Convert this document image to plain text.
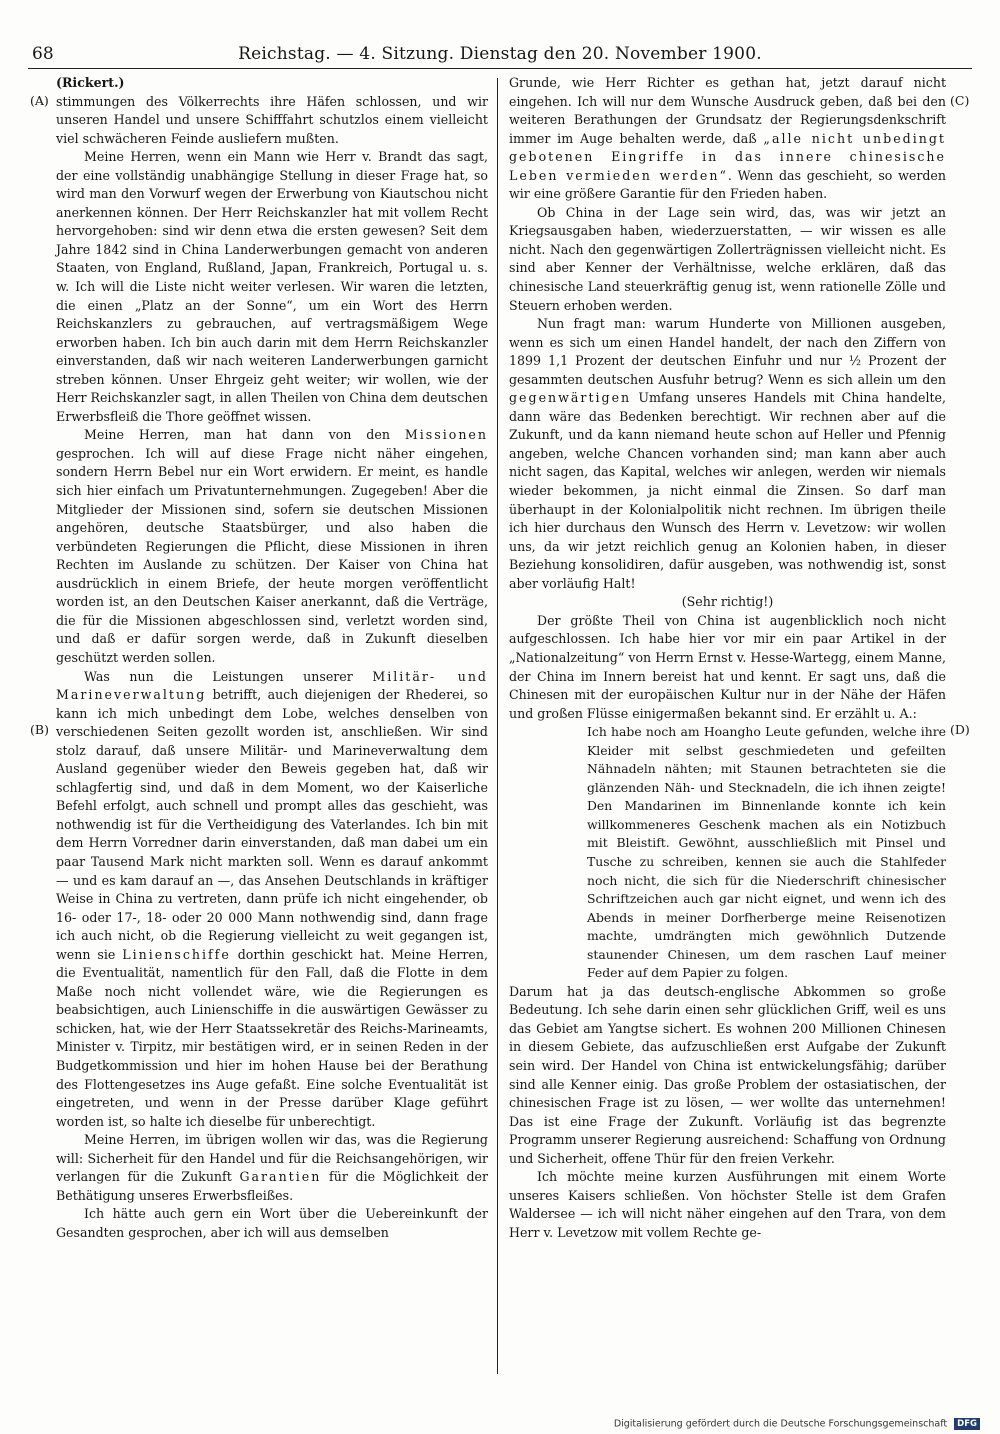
68	Reichstag. — 4. Sitzung. Dienstag den 20. November 1900.
(A)
(B)
(C)
(D)

(Rickert.)

stimmungen des Völkerrechts ihre Häfen schlossen, und wir unseren Handel und unsere Schifffahrt schutzlos einem vielleicht viel schwächeren Feinde ausliefern mußten.

Meine Herren, wenn ein Mann wie Herr v. Brandt das sagt, der eine vollständig unabhängige Stellung in dieser Frage hat, so wird man den Vorwurf wegen der Erwerbung von Kiautschou nicht anerkennen können. Der Herr Reichskanzler hat mit vollem Recht hervorgehoben: sind wir denn etwa die ersten gewesen? Seit dem Jahre 1842 sind in China Landerwerbungen gemacht von anderen Staaten, von England, Rußland, Japan, Frankreich, Portugal u. s. w. Ich will die Liste nicht weiter verlesen. Wir waren die letzten, die einen „Platz an der Sonne“, um ein Wort des Herrn Reichskanzlers zu gebrauchen, auf vertragsmäßigem Wege erworben haben. Ich bin auch darin mit dem Herrn Reichskanzler einverstanden, daß wir nach weiteren Landerwerbungen garnicht streben können. Unser Ehrgeiz geht weiter; wir wollen, wie der Herr Reichskanzler sagt, in allen Theilen von China dem deutschen Erwerbsfleiß die Thore geöffnet wissen.

Meine Herren, man hat dann von den Missionen gesprochen. Ich will auf diese Frage nicht näher eingehen, sondern Herrn Bebel nur ein Wort erwidern. Er meint, es handle sich hier einfach um Privatunternehmungen. Zugegeben! Aber die Mitglieder der Missionen sind, sofern sie deutschen Missionen angehören, deutsche Staatsbürger, und also haben die verbündeten Regierungen die Pflicht, diese Missionen in ihren Rechten im Auslande zu schützen. Der Kaiser von China hat ausdrücklich in einem Briefe, der heute morgen veröffentlicht worden ist, an den Deutschen Kaiser anerkannt, daß die Verträge, die für die Missionen abgeschlossen sind, verletzt worden sind, und daß er dafür sorgen werde, daß in Zukunft dieselben geschützt werden sollen.

Was nun die Leistungen unserer Militär- und Marineverwaltung betrifft, auch diejenigen der Rhederei, so kann ich mich unbedingt dem Lobe, welches denselben von verschiedenen Seiten gezollt worden ist, anschließen. Wir sind stolz darauf, daß unsere Militär- und Marineverwaltung dem Ausland gegenüber wieder den Beweis gegeben hat, daß wir schlagfertig sind, und daß in dem Moment, wo der Kaiserliche Befehl erfolgt, auch schnell und prompt alles das geschieht, was nothwendig ist für die Vertheidigung des Vaterlandes. Ich bin mit dem Herrn Vorredner darin einverstanden, daß man dabei um ein paar Tausend Mark nicht markten soll. Wenn es darauf ankommt — und es kam darauf an —, das Ansehen Deutschlands in kräftiger Weise in China zu vertreten, dann prüfe ich nicht eingehender, ob 16- oder 17-, 18- oder 20 000 Mann nothwendig sind, dann frage ich auch nicht, ob die Regierung vielleicht zu weit gegangen ist, wenn sie Linienschiffe dorthin geschickt hat. Meine Herren, die Eventualität, namentlich für den Fall, daß die Flotte in dem Maße noch nicht vollendet wäre, wie die Regierungen es beabsichtigen, auch Linienschiffe in die auswärtigen Gewässer zu schicken, hat, wie der Herr Staatssekretär des Reichs-Marineamts, Minister v. Tirpitz, mir bestätigen wird, er in seinen Reden in der Budgetkommission und hier im hohen Hause bei der Berathung des Flottengesetzes ins Auge gefaßt. Eine solche Eventualität ist eingetreten, und wenn in der Presse darüber Klage geführt worden ist, so halte ich dieselbe für unberechtigt.

Meine Herren, im übrigen wollen wir das, was die Regierung will: Sicherheit für den Handel und für die Reichsangehörigen, wir verlangen für die Zukunft Garantien für die Möglichkeit der Bethätigung unseres Erwerbsfleißes.

Ich hätte auch gern ein Wort über die Uebereinkunft der Gesandten gesprochen, aber ich will aus demselben

Grunde, wie Herr Richter es gethan hat, jetzt darauf nicht eingehen. Ich will nur dem Wunsche Ausdruck geben, daß bei den weiteren Berathungen der Grundsatz der Regierungsdenkschrift immer im Auge behalten werde, daß „alle nicht unbedingt gebotenen Eingriffe in das innere chinesische Leben vermieden werden“. Wenn das geschieht, so werden wir eine größere Garantie für den Frieden haben.

Ob China in der Lage sein wird, das, was wir jetzt an Kriegsausgaben haben, wiederzuerstatten, — wir wissen es alle nicht. Nach den gegenwärtigen Zollerträgnissen vielleicht nicht. Es sind aber Kenner der Verhältnisse, welche erklären, daß das chinesische Land steuerkräftig genug ist, wenn rationelle Zölle und Steuern erhoben werden.

Nun fragt man: warum Hunderte von Millionen ausgeben, wenn es sich um einen Handel handelt, der nach den Ziffern von 1899 1,1 Prozent der deutschen Einfuhr und nur ½ Prozent der gesammten deutschen Ausfuhr betrug? Wenn es sich allein um den gegenwärtigen Umfang unseres Handels mit China handelte, dann wäre das Bedenken berechtigt. Wir rechnen aber auf die Zukunft, und da kann niemand heute schon auf Heller und Pfennig angeben, welche Chancen vorhanden sind; man kann aber auch nicht sagen, das Kapital, welches wir anlegen, werden wir niemals wieder bekommen, ja nicht einmal die Zinsen. So darf man überhaupt in der Kolonialpolitik nicht rechnen. Im übrigen theile ich hier durchaus den Wunsch des Herrn v. Levetzow: wir wollen uns, da wir jetzt reichlich genug an Kolonien haben, in dieser Beziehung konsolidiren, dafür ausgeben, was nothwendig ist, sonst aber vorläufig Halt!

(Sehr richtig!)

Der größte Theil von China ist augenblicklich noch nicht aufgeschlossen. Ich habe hier vor mir ein paar Artikel in der „Nationalzeitung“ von Herrn Ernst v. Hesse-Wartegg, einem Manne, der China im Innern bereist hat und kennt. Er sagt uns, daß die Chinesen mit der europäischen Kultur nur in der Nähe der Häfen und großen Flüsse einigermaßen bekannt sind. Er erzählt u. A.:

Ich habe noch am Hoangho Leute gefunden, welche ihre Kleider mit selbst geschmiedeten und gefeilten Nähnadeln nähten; mit Staunen betrachteten sie die glänzenden Näh- und Stecknadeln, die ich ihnen zeigte! Den Mandarinen im Binnenlande konnte ich kein willkommeneres Geschenk machen als ein Notizbuch mit Bleistift. Gewöhnt, ausschließlich mit Pinsel und Tusche zu schreiben, kennen sie auch die Stahlfeder noch nicht, die sich für die Niederschrift chinesischer Schriftzeichen auch gar nicht eignet, und wenn ich des Abends in meiner Dorfherberge meine Reisenotizen machte, umdrängten mich gewöhnlich Dutzende staunender Chinesen, um dem raschen Lauf meiner Feder auf dem Papier zu folgen.

Darum hat ja das deutsch-englische Abkommen so große Bedeutung. Ich sehe darin einen sehr glücklichen Griff, weil es uns das Gebiet am Yangtse sichert. Es wohnen 200 Millionen Chinesen in diesem Gebiete, das aufzuschließen erst Aufgabe der Zukunft sein wird. Der Handel von China ist entwickelungsfähig; darüber sind alle Kenner einig. Das große Problem der ostasiatischen, der chinesischen Frage ist zu lösen, — wer wollte das unternehmen! Das ist eine Frage der Zukunft. Vorläufig ist das begrenzte Programm unserer Regierung ausreichend: Schaffung von Ordnung und Sicherheit, offene Thür für den freien Verkehr.

Ich möchte meine kurzen Ausführungen mit einem Worte unseres Kaisers schließen. Von höchster Stelle ist dem Grafen Waldersee — ich will nicht näher eingehen auf den Trara, von dem Herr v. Levetzow mit vollem Rechte ge-

Digitalisierung gefördert durch die Deutsche Forschungsgemeinschaft DFG
